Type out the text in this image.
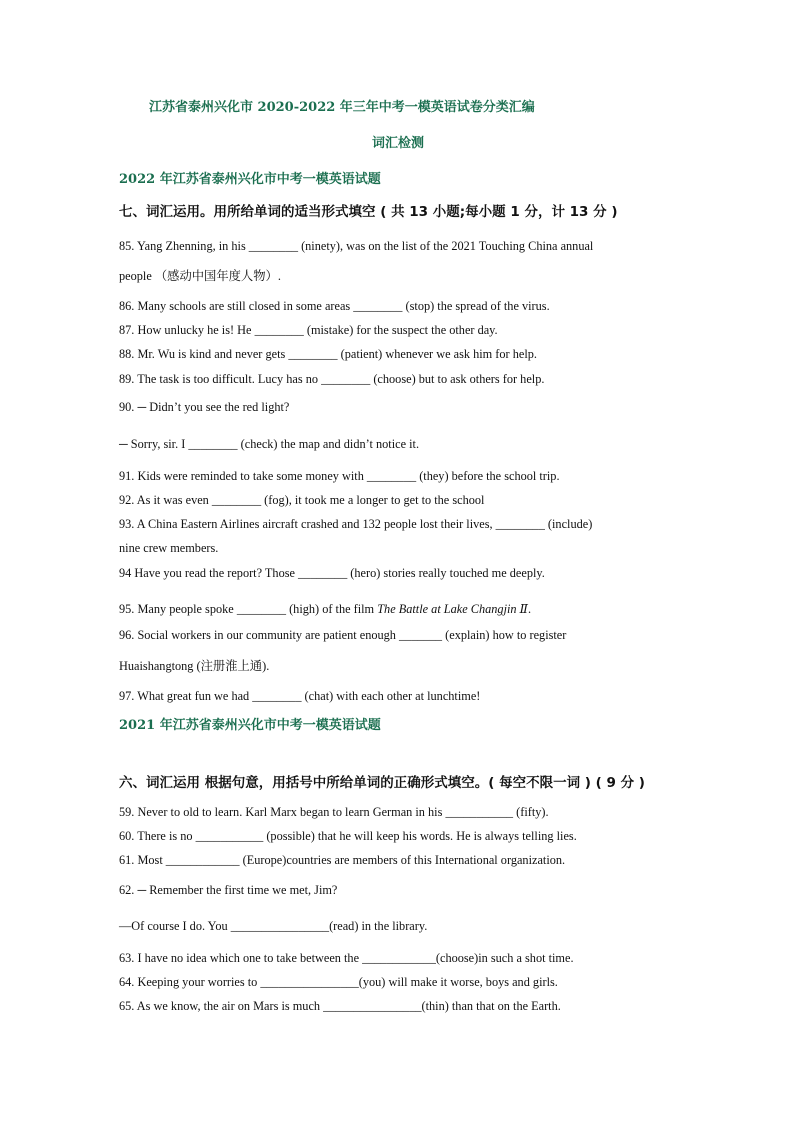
江苏省泰州兴化市 2020-2022 年三年中考一模英语试卷分类汇编
词汇检测
2022 年江苏省泰州兴化市中考一模英语试题
七、词汇运用。用所给单词的适当形式填空 ( 共 13 小题;每小题 1 分，计 13 分 )
85. Yang Zhenning, in his ________ (ninety), was on the list of the 2021 Touching China annual
people （感动中国年度人物）.
86. Many schools are still closed in some areas ________ (stop) the spread of the virus.
87. How unlucky he is! He ________ (mistake) for the suspect the other day.
88. Mr. Wu is kind and never gets ________ (patient) whenever we ask him for help.
89. The task is too difficult. Lucy has no ________ (choose) but to ask others for help.
90. ─ Didn’t you see the red light?
─ Sorry, sir. I ________ (check) the map and didn’t notice it.
91. Kids were reminded to take some money with ________ (they) before the school trip.
92. As it was even ________ (fog), it took me a longer to get to the school
93. A China Eastern Airlines aircraft crashed and 132 people lost their lives, ________ (include)
nine crew members.
94 Have you read the report? Those ________ (hero) stories really touched me deeply.
95. Many people spoke ________ (high) of the film The Battle at Lake Changjin Ⅱ.
96. Social workers in our community are patient enough _______ (explain) how to register
Huaishangtong (注册淮上通).
97. What great fun we had ________ (chat) with each other at lunchtime!
2021 年江苏省泰州兴化市中考一模英语试题
六、词汇运用 根据句意，用括号中所给单词的正确形式填空。( 每空不限一词 ) ( 9 分 )
59. Never to old to learn. Karl Marx began to learn German in his ___________ (fifty).
60. There is no ___________ (possible) that he will keep his words. He is always telling lies.
61. Most ____________ (Europe)countries are members of this International organization.
62. ─ Remember the first time we met, Jim?
—Of course I do. You ________________(read) in the library.
63. I have no idea which one to take between the ____________(choose)in such a shot time.
64. Keeping your worries to ________________(you) will make it worse, boys and girls.
65. As we know, the air on Mars is much ________________(thin) than that on the Earth.
